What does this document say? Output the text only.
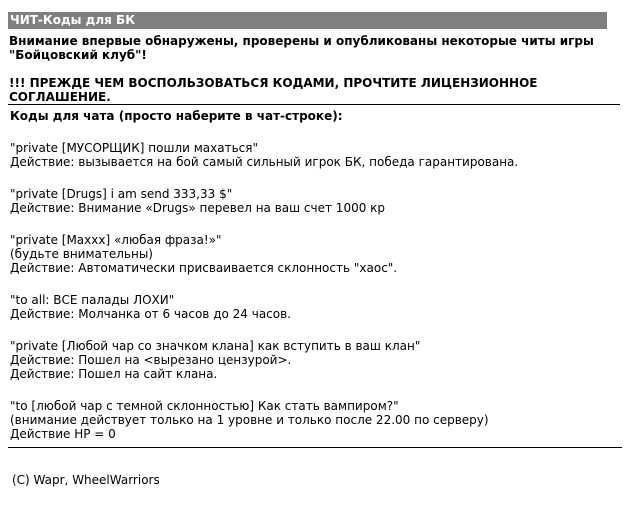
ЧИТ-Коды для БК
Внимание впервые обнаружены, проверены и опубликованы некоторые читы игры
"Бойцовский клуб"!
!!! ПРЕЖДЕ ЧЕМ ВОСПОЛЬЗОВАТЬСЯ КОДАМИ, ПРОЧТИТЕ ЛИЦЕНЗИОННОЕ
СОГЛАШЕНИЕ.
Коды для чата (просто наберите в чат-строке):
"private [МУСОРЩИК] пошли махаться"
Действие: вызывается на бой самый сильный игрок БК, победа гарантирована.
"private [Drugs] i am send 333,33 $"
Действие: Внимание «Drugs» перевел на ваш счет 1000 кр
"private [Maxxx] «любая фраза!»"
(будьте внимательны)
Действие: Автоматически присваивается склонность "хаос".
"to all: ВСЕ палады ЛОХИ"
Действие: Молчанка от 6 часов до 24 часов.
"private [Любой чар со значком клана] как вступить в ваш клан"
Действие: Пошел на <вырезано цензурой>.
Действие: Пошел на сайт клана.
"to [любой чар с темной склонностью] Как стать вампиром?"
(внимание действует только на 1 уровне и только после 22.00 по серверу)
Действие HP = 0
(C) Wapr, WheelWarriors
